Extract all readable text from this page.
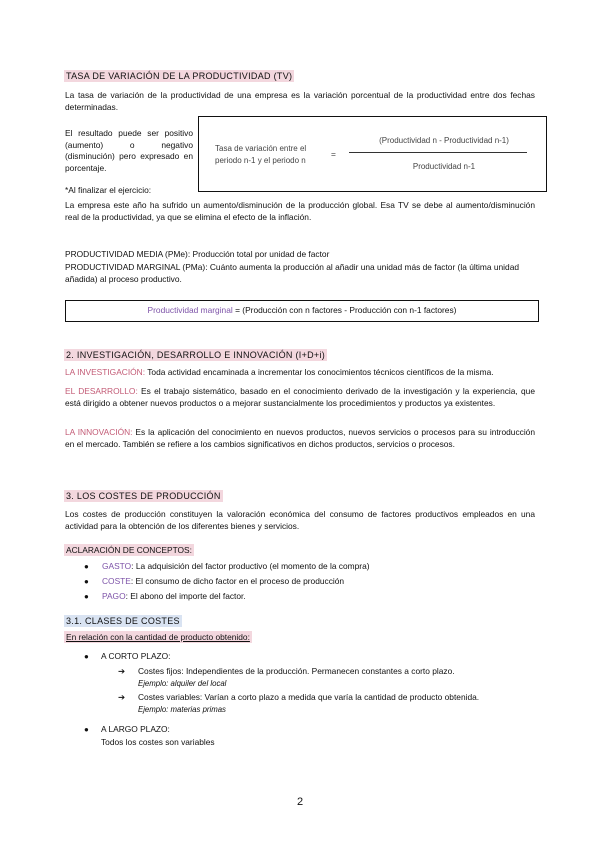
TASA DE VARIACIÓN DE LA PRODUCTIVIDAD (TV)
La tasa de variación de la productividad de una empresa es la variación porcentual de la productividad entre dos fechas determinadas.
El resultado puede ser positivo (aumento) o negativo (disminución) pero expresado en porcentaje.
Tasa de variación entre el periodo n-1 y el periodo n
=
(Productividad n - Productividad n-1)
Productividad n-1
*Al finalizar el ejercicio:
La empresa este año ha sufrido un aumento/disminución de la producción global. Esa TV se debe al aumento/disminución real de la productividad, ya que se elimina el efecto de la inflación.
PRODUCTIVIDAD MEDIA (PMe): Producción total por unidad de factor
PRODUCTIVIDAD MARGINAL (PMa): Cuánto aumenta la producción al añadir una unidad más de factor (la última unidad añadida) al proceso productivo.
Productividad marginal = (Producción con n factores - Producción con n-1 factores)
2. INVESTIGACIÓN, DESARROLLO E INNOVACIÓN (I+D+i)
LA INVESTIGACIÓN: Toda actividad encaminada a incrementar los conocimientos técnicos científicos de la misma.
EL DESARROLLO: Es el trabajo sistemático, basado en el conocimiento derivado de la investigación y la experiencia, que está dirigido a obtener nuevos productos o a mejorar sustancialmente los procedimientos y productos ya existentes.
LA INNOVACIÓN: Es la aplicación del conocimiento en nuevos productos, nuevos servicios o procesos para su introducción en el mercado. También se refiere a los cambios significativos en dichos productos, servicios o procesos.
3. LOS COSTES DE PRODUCCIÓN
Los costes de producción constituyen la valoración económica del consumo de factores productivos empleados en una actividad para la obtención de los diferentes bienes y servicios.
ACLARACIÓN DE CONCEPTOS:
● GASTO: La adquisición del factor productivo (el momento de la compra)
● COSTE: El consumo de dicho factor en el proceso de producción
● PAGO: El abono del importe del factor.
3.1. CLASES DE COSTES
En relación con la cantidad de producto obtenido:
● A CORTO PLAZO:
➔ Costes fijos: Independientes de la producción. Permanecen constantes a corto plazo.
Ejemplo: alquiler del local
➔ Costes variables: Varían a corto plazo a medida que varía la cantidad de producto obtenida.
Ejemplo: materias primas
● A LARGO PLAZO:
Todos los costes son variables
2
